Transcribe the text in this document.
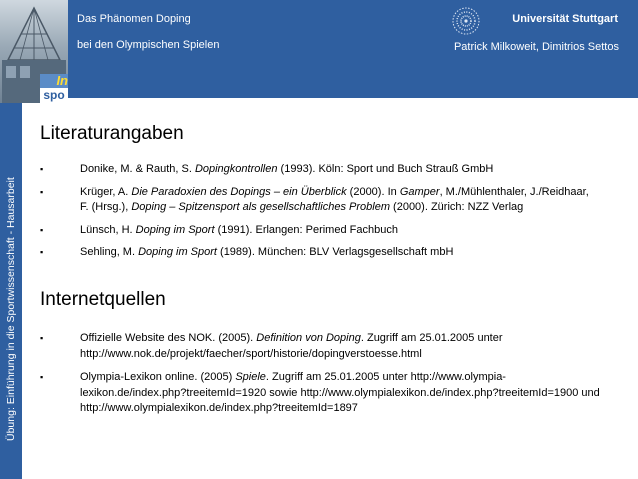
In
spo
Das Phänomen Doping
bei den Olympischen Spielen
Universität Stuttgart
Patrick Milkoweit, Dimitrios Settos
Übung: Einführung in die Sportwissenschaft - Hausarbeit
Literaturangaben
▪	Donike, M. & Rauth, S. Dopingkontrollen (1993). Köln: Sport und Buch Strauß GmbH
▪	Krüger, A. Die Paradoxien des Dopings – ein Überblick (2000). In Gamper, M./Mühlenthaler, J./Reidhaar, F. (Hrsg.), Doping – Spitzensport als gesellschaftliches Problem (2000). Zürich: NZZ Verlag
▪	Lünsch, H. Doping im Sport (1991). Erlangen: Perimed Fachbuch
▪	Sehling, M. Doping im Sport (1989). München: BLV Verlagsgesellschaft mbH
Internetquellen
▪	Offizielle Website des NOK. (2005). Definition von Doping. Zugriff am 25.01.2005 unter http://www.nok.de/projekt/faecher/sport/historie/dopingverstoesse.html
▪	Olympia-Lexikon online. (2005) Spiele. Zugriff am 25.01.2005 unter http://www.olympia-lexikon.de/index.php?treeitemId=1920 sowie http://www.olympialexikon.de/index.php?treeitemId=1900 und http://www.olympialexikon.de/index.php?treeitemId=1897
